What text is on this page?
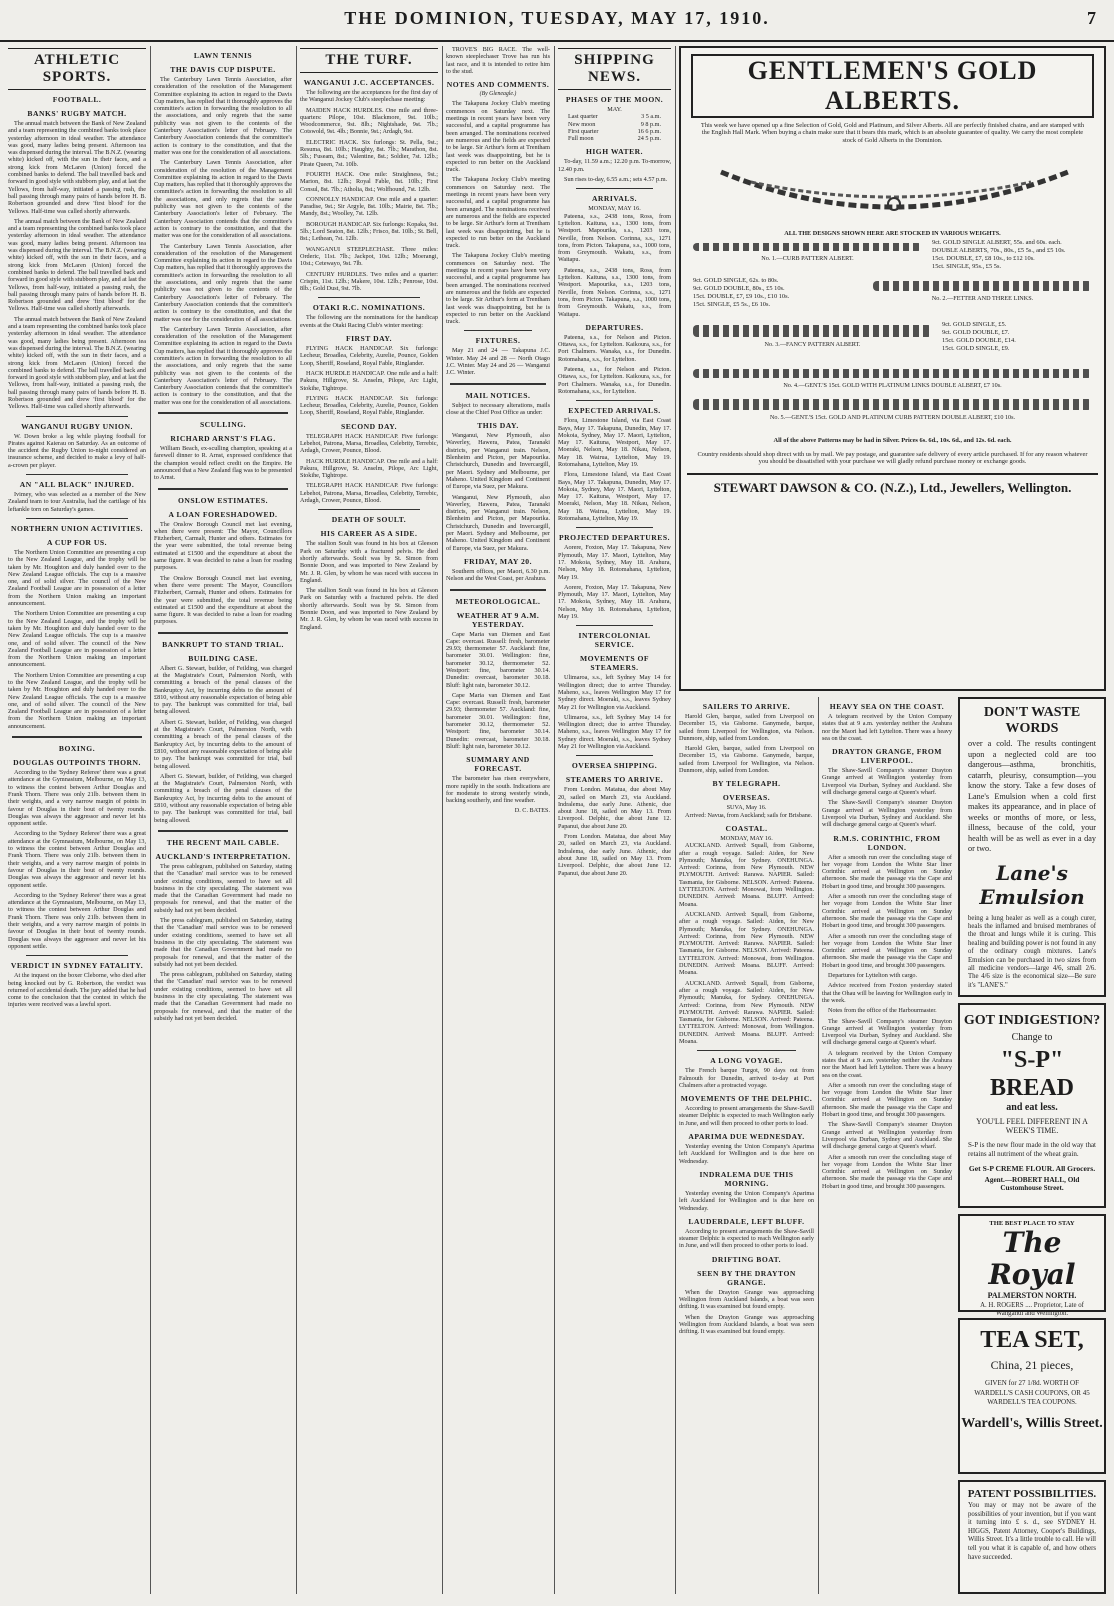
THE DOMINION, TUESDAY, MAY 17, 1910.	7
ATHLETIC SPORTS.
FOOTBALL.
BANKS' RUGBY MATCH.

The annual match between the Bank of New Zealand and a team representing the combined banks took place yesterday afternoon in ideal weather. The attendance was good, many ladies being present. Afternoon tea was dispensed during the interval. The B.N.Z. (wearing white) kicked off, with the sun in their faces, and a strong kick from McLaren (Union) forced the combined banks to defend. The ball travelled back and forward in good style with stubborn play, and at last the Yellows, from half-way, initiated a passing rush, the ball passing through many pairs of hands before H. B. Robertson grounded and drew 'first blood' for the Yellows. Half-time was called shortly afterwards.

The annual match between the Bank of New Zealand and a team representing the combined banks took place yesterday afternoon in ideal weather. The attendance was good, many ladies being present. Afternoon tea was dispensed during the interval. The B.N.Z. (wearing white) kicked off, with the sun in their faces, and a strong kick from McLaren (Union) forced the combined banks to defend. The ball travelled back and forward in good style with stubborn play, and at last the Yellows, from half-way, initiated a passing rush, the ball passing through many pairs of hands before H. B. Robertson grounded and drew 'first blood' for the Yellows. Half-time was called shortly afterwards.

The annual match between the Bank of New Zealand and a team representing the combined banks took place yesterday afternoon in ideal weather. The attendance was good, many ladies being present. Afternoon tea was dispensed during the interval. The B.N.Z. (wearing white) kicked off, with the sun in their faces, and a strong kick from McLaren (Union) forced the combined banks to defend. The ball travelled back and forward in good style with stubborn play, and at last the Yellows, from half-way, initiated a passing rush, the ball passing through many pairs of hands before H. B. Robertson grounded and drew 'first blood' for the Yellows. Half-time was called shortly afterwards.

WANGANUI RUGBY UNION.

W. Down broke a leg while playing football for Pirates against Kaierau on Saturday. As an outcome of the accident the Rugby Union to-night considered an insurance scheme, and decided to make a levy of half-a-crown per player.

AN "ALL BLACK" INJURED.

Ivimey, who was selected as a member of the New Zealand team to tour Australia, had the cartilage of his leftankle torn on Saturday's games.

NORTHERN UNION ACTIVITIES.
A CUP FOR US.

The Northern Union Committee are presenting a cup to the New Zealand League, and the trophy will be taken by Mr. Houghton and duly handed over to the New Zealand League officials. The cup is a massive one, and of solid silver. The council of the New Zealand Football League are in possession of a letter from the Northern Union making an important announcement.

The Northern Union Committee are presenting a cup to the New Zealand League, and the trophy will be taken by Mr. Houghton and duly handed over to the New Zealand League officials. The cup is a massive one, and of solid silver. The council of the New Zealand Football League are in possession of a letter from the Northern Union making an important announcement.

The Northern Union Committee are presenting a cup to the New Zealand League, and the trophy will be taken by Mr. Houghton and duly handed over to the New Zealand League officials. The cup is a massive one, and of solid silver. The council of the New Zealand Football League are in possession of a letter from the Northern Union making an important announcement.

BOXING.
DOUGLAS OUTPOINTS THORN.

According to the 'Sydney Referee' there was a great attendance at the Gymnasium, Melbourne, on May 13, to witness the contest between Arthur Douglas and Frank Thorn. There was only 21lb. between them in their weights, and a very narrow margin of points in favour of Douglas in their bout of twenty rounds. Douglas was always the aggressor and never let his opponent settle.

According to the 'Sydney Referee' there was a great attendance at the Gymnasium, Melbourne, on May 13, to witness the contest between Arthur Douglas and Frank Thorn. There was only 21lb. between them in their weights, and a very narrow margin of points in favour of Douglas in their bout of twenty rounds. Douglas was always the aggressor and never let his opponent settle.

According to the 'Sydney Referee' there was a great attendance at the Gymnasium, Melbourne, on May 13, to witness the contest between Arthur Douglas and Frank Thorn. There was only 21lb. between them in their weights, and a very narrow margin of points in favour of Douglas in their bout of twenty rounds. Douglas was always the aggressor and never let his opponent settle.

VERDICT IN SYDNEY FATALITY.

At the inquest on the boxer Cleborne, who died after being knocked out by G. Robertson, the verdict was returned of accidental death. The jury added that he had come to the conclusion that the contest in which the injuries were received was a lawful sport.

LAWN TENNIS
THE DAVIS CUP DISPUTE.

The Canterbury Lawn Tennis Association, after consideration of the resolution of the Management Committee explaining its action in regard to the Davis Cup matters, has replied that it thoroughly approves the committee's action in forwarding the resolution to all the associations, and only regrets that the same publicity was not given to the contents of the Canterbury Association's letter of February. The Canterbury Association contends that the committee's action is contrary to the constitution, and that the matter was one for the consideration of all associations.

The Canterbury Lawn Tennis Association, after consideration of the resolution of the Management Committee explaining its action in regard to the Davis Cup matters, has replied that it thoroughly approves the committee's action in forwarding the resolution to all the associations, and only regrets that the same publicity was not given to the contents of the Canterbury Association's letter of February. The Canterbury Association contends that the committee's action is contrary to the constitution, and that the matter was one for the consideration of all associations.

The Canterbury Lawn Tennis Association, after consideration of the resolution of the Management Committee explaining its action in regard to the Davis Cup matters, has replied that it thoroughly approves the committee's action in forwarding the resolution to all the associations, and only regrets that the same publicity was not given to the contents of the Canterbury Association's letter of February. The Canterbury Association contends that the committee's action is contrary to the constitution, and that the matter was one for the consideration of all associations.

The Canterbury Lawn Tennis Association, after consideration of the resolution of the Management Committee explaining its action in regard to the Davis Cup matters, has replied that it thoroughly approves the committee's action in forwarding the resolution to all the associations, and only regrets that the same publicity was not given to the contents of the Canterbury Association's letter of February. The Canterbury Association contends that the committee's action is contrary to the constitution, and that the matter was one for the consideration of all associations.

SCULLING.
RICHARD ARNST'S FLAG.

William Beach, ex-sculling champion, speaking at a farewell dinner to R. Arnst, expressed confidence that the champion would reflect credit on the Empire. He announced that a New Zealand flag was to be presented to Arnst.

ONSLOW ESTIMATES.
A LOAN FORESHADOWED.

The Onslow Borough Council met last evening, when there were present: The Mayor, Councillors Fitzherbert, Carmalt, Hunter and others. Estimates for the year were submitted, the total revenue being estimated at £1500 and the expenditure at about the same figure. It was decided to raise a loan for roading purposes.

The Onslow Borough Council met last evening, when there were present: The Mayor, Councillors Fitzherbert, Carmalt, Hunter and others. Estimates for the year were submitted, the total revenue being estimated at £1500 and the expenditure at about the same figure. It was decided to raise a loan for roading purposes.

BANKRUPT TO STAND TRIAL.
BUILDING CASE.

Albert G. Stewart, builder, of Feilding, was charged at the Magistrate's Court, Palmerston North, with committing a breach of the penal clauses of the Bankruptcy Act, by incurring debts to the amount of £810, without any reasonable expectation of being able to pay. The bankrupt was committed for trial, bail being allowed.

Albert G. Stewart, builder, of Feilding, was charged at the Magistrate's Court, Palmerston North, with committing a breach of the penal clauses of the Bankruptcy Act, by incurring debts to the amount of £810, without any reasonable expectation of being able to pay. The bankrupt was committed for trial, bail being allowed.

Albert G. Stewart, builder, of Feilding, was charged at the Magistrate's Court, Palmerston North, with committing a breach of the penal clauses of the Bankruptcy Act, by incurring debts to the amount of £810, without any reasonable expectation of being able to pay. The bankrupt was committed for trial, bail being allowed.

THE RECENT MAIL CABLE.
AUCKLAND'S INTERPRETATION.

The press cablegram, published on Saturday, stating that the 'Canadian' mail service was to be renewed under existing conditions, seemed to have set all business in the city speculating. The statement was made that the Canadian Government had made no proposals for renewal, and that the matter of the subsidy had not yet been decided.

The press cablegram, published on Saturday, stating that the 'Canadian' mail service was to be renewed under existing conditions, seemed to have set all business in the city speculating. The statement was made that the Canadian Government had made no proposals for renewal, and that the matter of the subsidy had not yet been decided.

The press cablegram, published on Saturday, stating that the 'Canadian' mail service was to be renewed under existing conditions, seemed to have set all business in the city speculating. The statement was made that the Canadian Government had made no proposals for renewal, and that the matter of the subsidy had not yet been decided.

THE TURF.
WANGANUI J.C. ACCEPTANCES.

The following are the acceptances for the first day of the Wanganui Jockey Club's steeplechase meeting:

MAIDEN HACK HURDLES. One mile and three-quarters: Pilope, 10st. Blackmore, 9st. 10lb.; Woodcommerce, 9st. 8lb.; Nightshade, 9st. 7lb.; Cotswold, 9st. 4lb.; Bonnie, 9st.; Ardagh, 9st.

ELECTRIC HACK. Six furlongs: St. Pella, 9st.; Resuma, 8st. 10lb.; Haughty, 8st. 7lb.; Marathon, 8st. 5lb.; Fuseam, 8st.; Valentine, 8st.; Soldier, 7st. 12lb.; Pirate Queen, 7st. 10lb.

FOURTH HACK. One mile: Straighness, 9st.; Marion, 8st. 12lb.; Royal Fable, 8st. 10lb.; First Consul, 8st. 7lb.; Atholia, 8st.; Wolfhound, 7st. 12lb.

CONNOLLY HANDICAP. One mile and a quarter: Paradise, 9st.; Sir Argyle, 8st. 10lb.; Mairie, 8st. 7lb.; Mandy, 8st.; Woolley, 7st. 12lb.

BOROUGH HANDICAP. Six furlongs: Kopaka, 9st. 5lb.; Lord Seaton, 8st. 12lb.; Frisco, 8st. 10lb.; St. Bell, 8st.; Lethean, 7st. 12lb.

WANGANUI STEEPLECHASE. Three miles: Orderic, 11st. 7lb.; Jackpot, 10st. 12lb.; Moerangi, 10st.; Cetewayo, 9st. 7lb.

CENTURY HURDLES. Two miles and a quarter: Crispin, 11st. 12lb.; Makere, 10st. 12lb.; Penrose, 10st. 8lb.; Gold Dust, 9st. 7lb.

OTAKI R.C. NOMINATIONS.

The following are the nominations for the handicap events at the Otaki Racing Club's winter meeting:

FIRST DAY.

FLYING HACK HANDICAP. Six furlongs: Lecheur, Broadlea, Celebrity, Aurelie, Pounce, Golden Loop, Sheriff, Roseland, Royal Fable, Ringlander.

HACK HURDLE HANDICAP. One mile and a half: Pakura, Hillgrove, St. Anselm, Pilope, Arc Light, Stokihe, Tightrope.

FLYING HACK HANDICAP. Six furlongs: Lecheur, Broadlea, Celebrity, Aurelie, Pounce, Golden Loop, Sheriff, Roseland, Royal Fable, Ringlander.

SECOND DAY.

TELEGRAPH HACK HANDICAP. Five furlongs: Lebehot, Patrona, Marsa, Broadlea, Celebrity, Terrebic, Ardagh, Crower, Pounce, Blood.

HACK HURDLE HANDICAP. One mile and a half: Pakura, Hillgrove, St. Anselm, Pilope, Arc Light, Stokihe, Tightrope.

TELEGRAPH HACK HANDICAP. Five furlongs: Lebehot, Patrona, Marsa, Broadlea, Celebrity, Terrebic, Ardagh, Crower, Pounce, Blood.

DEATH OF SOULT.
HIS CAREER AS A SIDE.

The stallion Soult was found in his box at Gleeson Park on Saturday with a fractured pelvis. He died shortly afterwards. Soult was by St. Simon from Bonnie Doon, and was imported to New Zealand by Mr. J. R. Glen, by whom he was raced with success in England.

The stallion Soult was found in his box at Gleeson Park on Saturday with a fractured pelvis. He died shortly afterwards. Soult was by St. Simon from Bonnie Doon, and was imported to New Zealand by Mr. J. R. Glen, by whom he was raced with success in England.

TROVE'S BIG RACE. The well-known steeplechaser Trove has run his last race, and it is intended to retire him to the stud.

NOTES AND COMMENTS.
(By Gleneagle.)

The Takapuna Jockey Club's meeting commences on Saturday next. The meetings in recent years have been very successful, and a capital programme has been arranged. The nominations received are numerous and the fields are expected to be large. Sir Arthur's form at Trentham last week was disappointing, but he is expected to run better on the Auckland track.

The Takapuna Jockey Club's meeting commences on Saturday next. The meetings in recent years have been very successful, and a capital programme has been arranged. The nominations received are numerous and the fields are expected to be large. Sir Arthur's form at Trentham last week was disappointing, but he is expected to run better on the Auckland track.

The Takapuna Jockey Club's meeting commences on Saturday next. The meetings in recent years have been very successful, and a capital programme has been arranged. The nominations received are numerous and the fields are expected to be large. Sir Arthur's form at Trentham last week was disappointing, but he is expected to run better on the Auckland track.

FIXTURES.

May 21 and 24 — Takapuna J.C. Winter. May 24 and 28 — North Otago J.C. Winter. May 24 and 26 — Wanganui J.C. Winter.

MAIL NOTICES.

Subject to necessary alterations, mails close at the Chief Post Office as under:

THIS DAY.

Wanganui, New Plymouth, also Waverley, Hawera, Patea, Taranaki districts, per Wanganui train. Nelson, Blenheim and Picton, per Mapourika. Christchurch, Dunedin and Invercargill, per Maori. Sydney and Melbourne, per Maheno. United Kingdom and Continent of Europe, via Suez, per Makura.

Wanganui, New Plymouth, also Waverley, Hawera, Patea, Taranaki districts, per Wanganui train. Nelson, Blenheim and Picton, per Mapourika. Christchurch, Dunedin and Invercargill, per Maori. Sydney and Melbourne, per Maheno. United Kingdom and Continent of Europe, via Suez, per Makura.

FRIDAY, MAY 20.

Southern offices, per Maori, 6.30 p.m. Nelson and the West Coast, per Arahura.

METEOROLOGICAL.
WEATHER AT 9 A.M. YESTERDAY.

Cape Maria van Diemen and East Cape: overcast. Russell: fresh, barometer 29.93; thermometer 57. Auckland: fine, barometer 30.01. Wellington: fine, barometer 30.12, thermometer 52. Westport: fine, barometer 30.14. Dunedin: overcast, barometer 30.18. Bluff: light rain, barometer 30.12.

Cape Maria van Diemen and East Cape: overcast. Russell: fresh, barometer 29.93; thermometer 57. Auckland: fine, barometer 30.01. Wellington: fine, barometer 30.12, thermometer 52. Westport: fine, barometer 30.14. Dunedin: overcast, barometer 30.18. Bluff: light rain, barometer 30.12.

SUMMARY AND FORECAST.

The barometer has risen everywhere, more rapidly in the south. Indications are for moderate to strong westerly winds, backing southerly, and fine weather.

D. C. BATES.
SHIPPING NEWS.
PHASES OF THE MOON.
MAY.
Last quarter	3 5 a.m.
New moon	9 8 p.m.
First quarter	16 6 p.m.
Full moon	24 5 p.m.
HIGH WATER.

To-day, 11.59 a.m.; 12.20 p.m. To-morrow, 12.40 p.m.

Sun rises to-day, 6.55 a.m.; sets 4.57 p.m.

ARRIVALS.
MONDAY, MAY 16.

Pateena, s.s., 2438 tons, Ross, from Lyttelton. Kaituna, s.s., 1300 tons, from Westport. Mapourika, s.s., 1203 tons, Neville, from Nelson. Corinna, s.s., 1271 tons, from Picton. Takapuna, s.s., 1000 tons, from Greymouth. Wakatu, s.s., from Waitapu.

Pateena, s.s., 2438 tons, Ross, from Lyttelton. Kaituna, s.s., 1300 tons, from Westport. Mapourika, s.s., 1203 tons, Neville, from Nelson. Corinna, s.s., 1271 tons, from Picton. Takapuna, s.s., 1000 tons, from Greymouth. Wakatu, s.s., from Waitapu.

DEPARTURES.

Pateena, s.s., for Nelson and Picton. Ottawa, s.s., for Lyttelton. Kaikoura, s.s., for Port Chalmers. Wanaka, s.s., for Dunedin. Rotomahana, s.s., for Lyttelton.

Pateena, s.s., for Nelson and Picton. Ottawa, s.s., for Lyttelton. Kaikoura, s.s., for Port Chalmers. Wanaka, s.s., for Dunedin. Rotomahana, s.s., for Lyttelton.

EXPECTED ARRIVALS.

Flora, Limestone Island, via East Coast Bays, May 17. Takapuna, Dunedin, May 17. Mokoia, Sydney, May 17. Maori, Lyttelton, May 17. Kaituna, Westport, May 17. Moeraki, Nelson, May 18. Nikau, Nelson, May 18. Wairua, Lyttelton, May 19. Rotomahana, Lyttelton, May 19.

Flora, Limestone Island, via East Coast Bays, May 17. Takapuna, Dunedin, May 17. Mokoia, Sydney, May 17. Maori, Lyttelton, May 17. Kaituna, Westport, May 17. Moeraki, Nelson, May 18. Nikau, Nelson, May 18. Wairua, Lyttelton, May 19. Rotomahana, Lyttelton, May 19.

PROJECTED DEPARTURES.

Aorere, Foxton, May 17. Takapuna, New Plymouth, May 17. Maori, Lyttelton, May 17. Mokoia, Sydney, May 18. Arahura, Nelson, May 18. Rotomahana, Lyttelton, May 19.

Aorere, Foxton, May 17. Takapuna, New Plymouth, May 17. Maori, Lyttelton, May 17. Mokoia, Sydney, May 18. Arahura, Nelson, May 18. Rotomahana, Lyttelton, May 19.

INTERCOLONIAL SERVICE.
MOVEMENTS OF STEAMERS.

Ulimaroa, s.s., left Sydney May 14 for Wellington direct; due to arrive Thursday. Maheno, s.s., leaves Wellington May 17 for Sydney direct. Moeraki, s.s., leaves Sydney May 21 for Wellington via Auckland.

Ulimaroa, s.s., left Sydney May 14 for Wellington direct; due to arrive Thursday. Maheno, s.s., leaves Wellington May 17 for Sydney direct. Moeraki, s.s., leaves Sydney May 21 for Wellington via Auckland.

OVERSEA SHIPPING.
STEAMERS TO ARRIVE.

From London. Matatua, due about May 20, sailed on March 23, via Auckland. Indralema, due early June. Athenic, due about June 18, sailed on May 13. From Liverpool. Delphic, due about June 12. Papanui, due about June 20.

From London. Matatua, due about May 20, sailed on March 23, via Auckland. Indralema, due early June. Athenic, due about June 18, sailed on May 13. From Liverpool. Delphic, due about June 12. Papanui, due about June 20.

GENTLEMEN'S GOLD ALBERTS.
This week we have opened up a fine Selection of Gold, Gold and Platinum, and Silver Alberts. All are perfectly finished chains, and are stamped with the English Hall Mark. When buying a chain make sure that it bears this mark, which is an absolute guarantee of quality. We carry the most complete stock of Gold Alberts in the Dominion.
ALL THE DESIGNS SHOWN HERE ARE STOCKED IN VARIOUS WEIGHTS.
No. 1.—CURB PATTERN ALBERT.
9ct. GOLD SINGLE ALBERT, 55s. and 60s. each.
DOUBLE ALBERTS, 70s., 80s., £5 5s., and £5 10s.
15ct. DOUBLE, £7, £8 10s., to £12 10s.
15ct. SINGLE, 95s., £5 5s.
9ct. GOLD SINGLE, 62s. to 80s.
9ct. GOLD DOUBLE, 80s., £5 10s.
15ct. DOUBLE, £7, £9 10s., £10 10s.
15ct. SINGLE, £5 5s., £6 10s.
No. 2.—FETTER AND THREE LINKS.
No. 3.—FANCY PATTERN ALBERT.
9ct. GOLD SINGLE, £5.
9ct. GOLD DOUBLE, £7.
15ct. GOLD DOUBLE, £14.
15ct. GOLD SINGLE, £9.
No. 4.—GENT.'S 15ct. GOLD WITH PLATINUM LINKS DOUBLE ALBERT, £7 10s.
No. 5.—GENT.'S 15ct. GOLD AND PLATINUM CURB PATTERN DOUBLE ALBERT, £10 10s.
All of the above Patterns may be had in Silver. Prices 6s. 6d., 10s. 6d., and 12s. 6d. each.
Country residents should shop direct with us by mail. We pay postage, and guarantee safe delivery of every article purchased. If for any reason whatever you should be dissatisfied with your purchase we will gladly refund purchase money or exchange goods.
STEWART DAWSON & CO. (N.Z.), Ltd., Jewellers, Wellington.
SAILERS TO ARRIVE.

Harold Glen, barque, sailed from Liverpool on December 15, via Gisborne. Ganymede, barque, sailed from Liverpool for Wellington, via Nelson. Dunmore, ship, sailed from London.

Harold Glen, barque, sailed from Liverpool on December 15, via Gisborne. Ganymede, barque, sailed from Liverpool for Wellington, via Nelson. Dunmore, ship, sailed from London.

BY TELEGRAPH.
OVERSEAS.
SUVA, May 16.

Arrived: Navua, from Auckland; sails for Brisbane.

COASTAL.
MONDAY, MAY 16.

AUCKLAND. Arrived: Squall, from Gisborne, after a rough voyage. Sailed: Aiden, for New Plymouth; Manuka, for Sydney. ONEHUNGA. Arrived: Corinna, from New Plymouth. NEW PLYMOUTH. Arrived: Rarawa. NAPIER. Sailed: Tasmania, for Gisborne. NELSON. Arrived: Pateena. LYTTELTON. Arrived: Monowai, from Wellington. DUNEDIN. Arrived: Moana. BLUFF. Arrived: Moana.

AUCKLAND. Arrived: Squall, from Gisborne, after a rough voyage. Sailed: Aiden, for New Plymouth; Manuka, for Sydney. ONEHUNGA. Arrived: Corinna, from New Plymouth. NEW PLYMOUTH. Arrived: Rarawa. NAPIER. Sailed: Tasmania, for Gisborne. NELSON. Arrived: Pateena. LYTTELTON. Arrived: Monowai, from Wellington. DUNEDIN. Arrived: Moana. BLUFF. Arrived: Moana.

AUCKLAND. Arrived: Squall, from Gisborne, after a rough voyage. Sailed: Aiden, for New Plymouth; Manuka, for Sydney. ONEHUNGA. Arrived: Corinna, from New Plymouth. NEW PLYMOUTH. Arrived: Rarawa. NAPIER. Sailed: Tasmania, for Gisborne. NELSON. Arrived: Pateena. LYTTELTON. Arrived: Monowai, from Wellington. DUNEDIN. Arrived: Moana. BLUFF. Arrived: Moana.

A LONG VOYAGE.

The French barque Turgot, 90 days out from Falmouth for Dunedin, arrived to-day at Port Chalmers after a protracted voyage.

MOVEMENTS OF THE DELPHIC.

According to present arrangements the Shaw-Savill steamer Delphic is expected to reach Wellington early in June, and will then proceed to other ports to load.

APARIMA DUE WEDNESDAY.

Yesterday evening the Union Company's Aparima left Auckland for Wellington and is due here on Wednesday.

INDRALEMA DUE THIS MORNING.

Yesterday evening the Union Company's Aparima left Auckland for Wellington and is due here on Wednesday.

LAUDERDALE, LEFT BLUFF.

According to present arrangements the Shaw-Savill steamer Delphic is expected to reach Wellington early in June, and will then proceed to other ports to load.

DRIFTING BOAT.
SEEN BY THE DRAYTON GRANGE.

When the Drayton Grange was approaching Wellington from Auckland Islands, a boat was seen drifting. It was examined but found empty.

When the Drayton Grange was approaching Wellington from Auckland Islands, a boat was seen drifting. It was examined but found empty.

HEAVY SEA ON THE COAST.

A telegram received by the Union Company states that at 9 a.m. yesterday neither the Arahura nor the Maori had left Lyttelton. There was a heavy sea on the coast.

DRAYTON GRANGE, FROM LIVERPOOL.

The Shaw-Savill Company's steamer Drayton Grange arrived at Wellington yesterday from Liverpool via Durban, Sydney and Auckland. She will discharge general cargo at Queen's wharf.

The Shaw-Savill Company's steamer Drayton Grange arrived at Wellington yesterday from Liverpool via Durban, Sydney and Auckland. She will discharge general cargo at Queen's wharf.

R.M.S. CORINTHIC, FROM LONDON.

After a smooth run over the concluding stage of her voyage from London the White Star liner Corinthic arrived at Wellington on Sunday afternoon. She made the passage via the Cape and Hobart in good time, and brought 300 passengers.

After a smooth run over the concluding stage of her voyage from London the White Star liner Corinthic arrived at Wellington on Sunday afternoon. She made the passage via the Cape and Hobart in good time, and brought 300 passengers.

After a smooth run over the concluding stage of her voyage from London the White Star liner Corinthic arrived at Wellington on Sunday afternoon. She made the passage via the Cape and Hobart in good time, and brought 300 passengers.

Departures for Lyttelton with cargo.

Advice received from Foxton yesterday stated that the Ohau will be leaving for Wellington early in the week.

Notes from the office of the Harbourmaster.

The Shaw-Savill Company's steamer Drayton Grange arrived at Wellington yesterday from Liverpool via Durban, Sydney and Auckland. She will discharge general cargo at Queen's wharf.

A telegram received by the Union Company states that at 9 a.m. yesterday neither the Arahura nor the Maori had left Lyttelton. There was a heavy sea on the coast.

After a smooth run over the concluding stage of her voyage from London the White Star liner Corinthic arrived at Wellington on Sunday afternoon. She made the passage via the Cape and Hobart in good time, and brought 300 passengers.

The Shaw-Savill Company's steamer Drayton Grange arrived at Wellington yesterday from Liverpool via Durban, Sydney and Auckland. She will discharge general cargo at Queen's wharf.

After a smooth run over the concluding stage of her voyage from London the White Star liner Corinthic arrived at Wellington on Sunday afternoon. She made the passage via the Cape and Hobart in good time, and brought 300 passengers.

DON'T WASTE WORDS
over a cold. The results contingent upon a neglected cold are too dangerous—asthma, bronchitis, catarrh, pleurisy, consumption—you know the story. Take a few doses of Lane's Emulsion when a cold first makes its appearance, and in place of weeks or months of more, or less, illness, because of the cold, your health will be as well as ever in a day or two.
Lane's Emulsion
being a lung healer as well as a cough curer, heals the inflamed and bruised membranes of the throat and lungs while it is curing. This healing and building power is not found in any of the ordinary cough mixtures. Lane's Emulsion can be purchased in two sizes from all medicine vendors—large 4/6, small 2/6. The 4/6 size is the economical size—Be sure it's "LANE'S."
GOT INDIGESTION?
Change to
"S-P" BREAD
and eat less.
YOU'LL FEEL DIFFERENT IN A WEEK'S TIME.
S-P is the new flour made in the old way that retains all nutriment of the wheat grain.
Get S-P CREME FLOUR. All Grocers.
Agent.—ROBERT HALL, Old Customhouse Street.
THE BEST PLACE TO STAY
The Royal
PALMERSTON NORTH.
A. H. ROGERS .... Proprietor, Late of Wanganui and Wellington.
TEA SET,
China, 21 pieces,
GIVEN for 27 1/8d. WORTH OF WARDELL'S CASH COUPONS, OR 45 WARDELL'S TEA COUPONS.
Wardell's, Willis Street.
PATENT POSSIBILITIES.
You may or may not be aware of the possibilities of your invention, but if you want it turning into £ s. d., see SYDNEY H. HIGGS, Patent Attorney, Cooper's Buildings, Willis Street. It's a little trouble to call. He will tell you what it is capable of, and how others have succeeded.
